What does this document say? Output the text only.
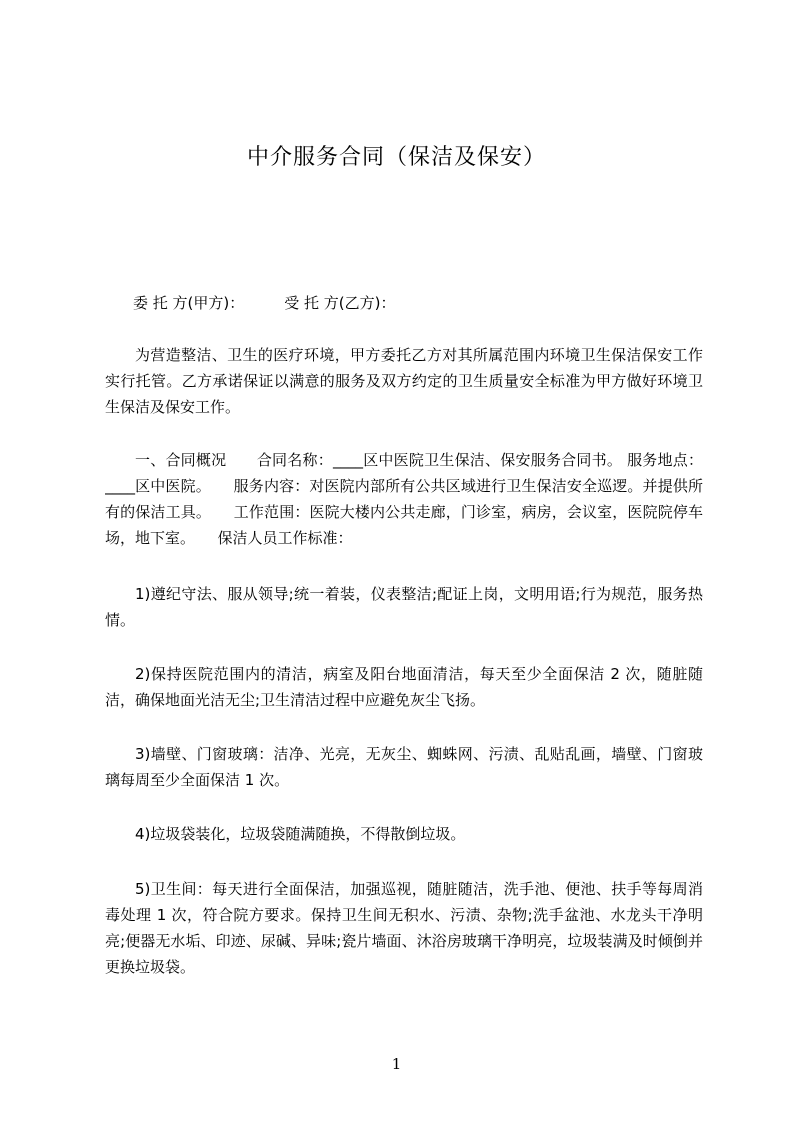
中介服务合同（保洁及保安）
委 托 方(甲方)：	受 托 方(乙方)：
为营造整洁、卫生的医疗环境，甲方委托乙方对其所属范围内环境卫生保洁保安工作实行托管。乙方承诺保证以满意的服务及双方约定的卫生质量安全标准为甲方做好环境卫生保洁及保安工作。
一、合同概况　　合同名称：____区中医院卫生保洁、保安服务合同书。 服务地点：____区中医院。　　服务内容：对医院内部所有公共区域进行卫生保洁安全巡逻。并提供所有的保洁工具。　　工作范围：医院大楼内公共走廊，门诊室，病房，会议室，医院院停车场，地下室。　　保洁人员工作标准：
1)遵纪守法、服从领导;统一着装，仪表整洁;配证上岗，文明用语;行为规范，服务热情。
2)保持医院范围内的清洁，病室及阳台地面清洁，每天至少全面保洁 2 次，随脏随洁，确保地面光洁无尘;卫生清洁过程中应避免灰尘飞扬。
3)墙壁、门窗玻璃：洁净、光亮，无灰尘、蜘蛛网、污渍、乱贴乱画，墙壁、门窗玻璃每周至少全面保洁 1 次。
4)垃圾袋装化，垃圾袋随满随换，不得散倒垃圾。
5)卫生间：每天进行全面保洁，加强巡视，随脏随洁，洗手池、便池、扶手等每周消毒处理 1 次，符合院方要求。保持卫生间无积水、污渍、杂物;洗手盆池、水龙头干净明亮;便器无水垢、印迹、尿碱、异味;瓷片墙面、沐浴房玻璃干净明亮，垃圾装满及时倾倒并更换垃圾袋。
1
